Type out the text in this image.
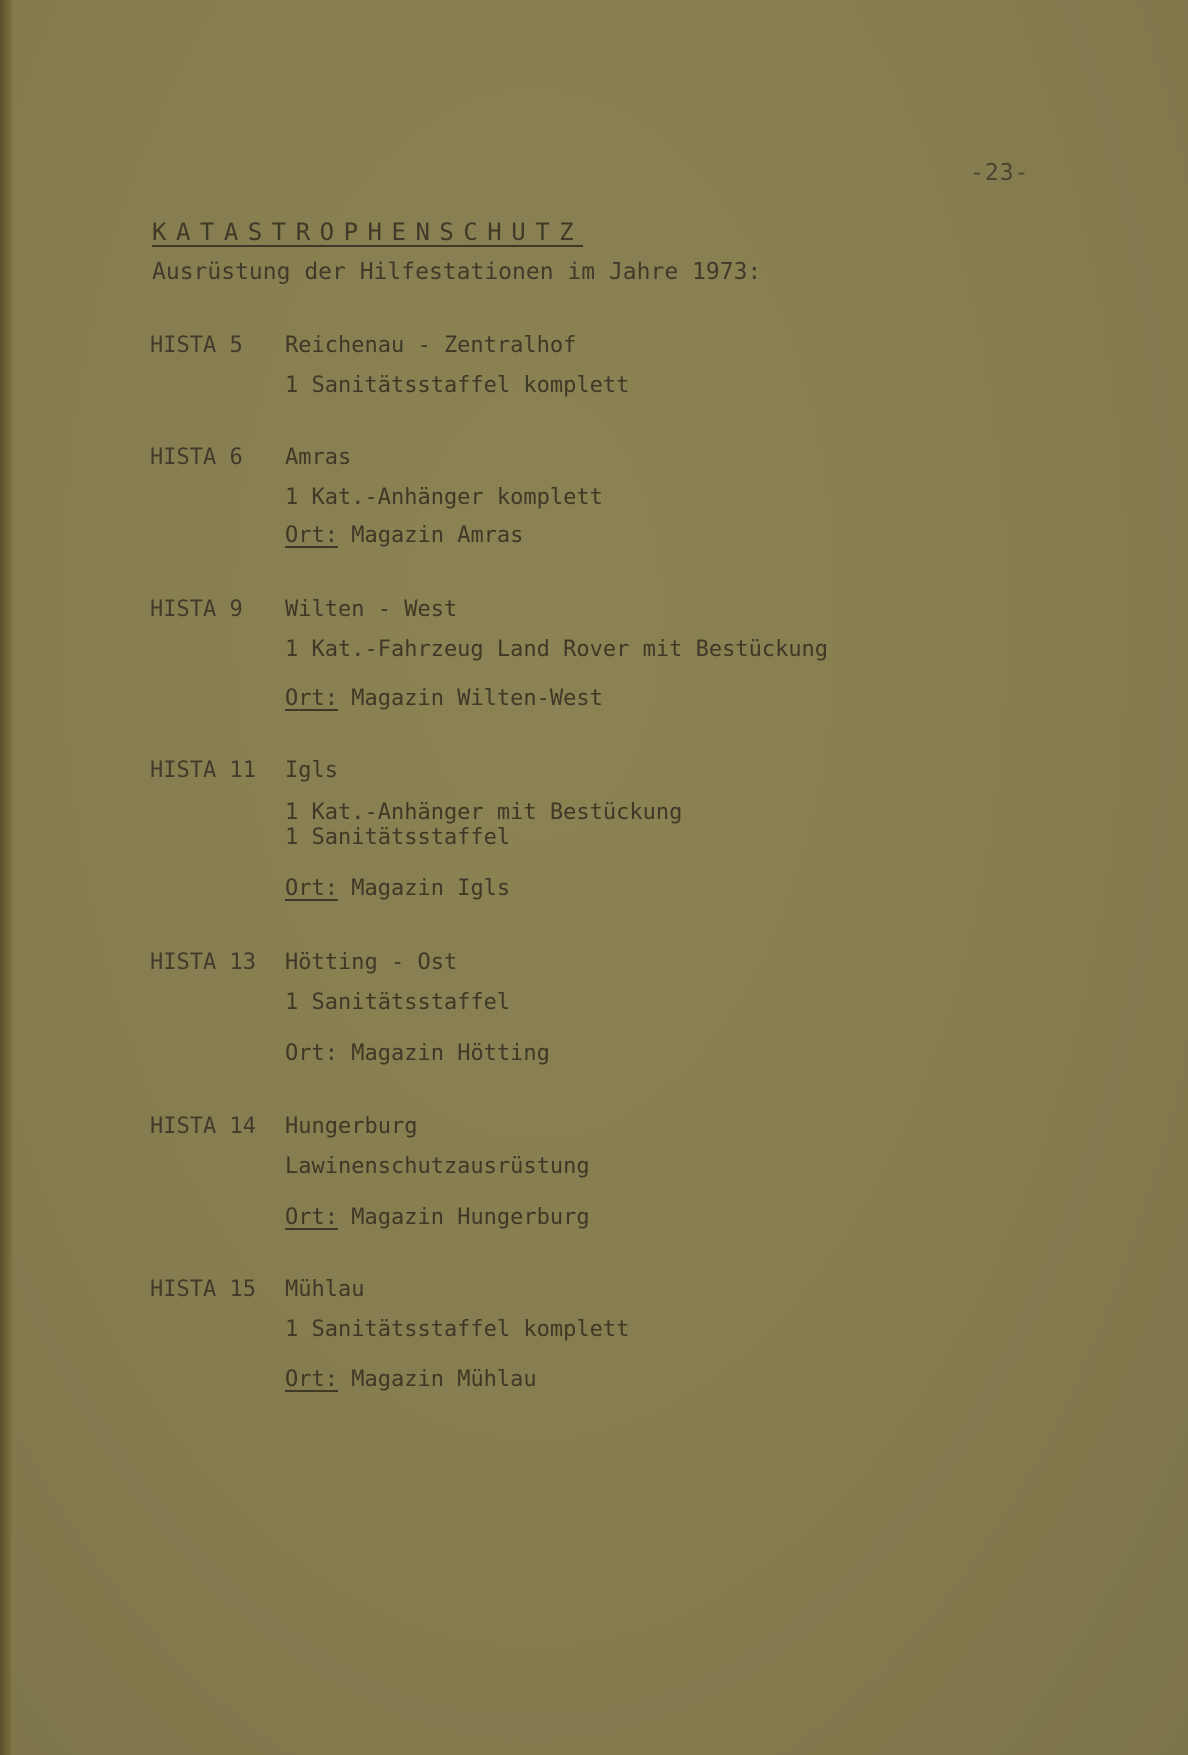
-23-
KATASTROPHENSCHUTZ
Ausrüstung der Hilfestationen im Jahre 1973:
HISTA 5 Reichenau - Zentralhof
1 Sanitätsstaffel komplett
HISTA 6 Amras
1 Kat.-Anhänger komplett
Ort: Magazin Amras
HISTA 9 Wilten - West
1 Kat.-Fahrzeug Land Rover mit Bestückung
Ort: Magazin Wilten-West
HISTA 11 Igls
1 Kat.-Anhänger mit Bestückung
1 Sanitätsstaffel
Ort: Magazin Igls
HISTA 13 Hötting - Ost
1 Sanitätsstaffel
Ort: Magazin Hötting
HISTA 14 Hungerburg
Lawinenschutzausrüstung
Ort: Magazin Hungerburg
HISTA 15 Mühlau
1 Sanitätsstaffel komplett
Ort: Magazin Mühlau
